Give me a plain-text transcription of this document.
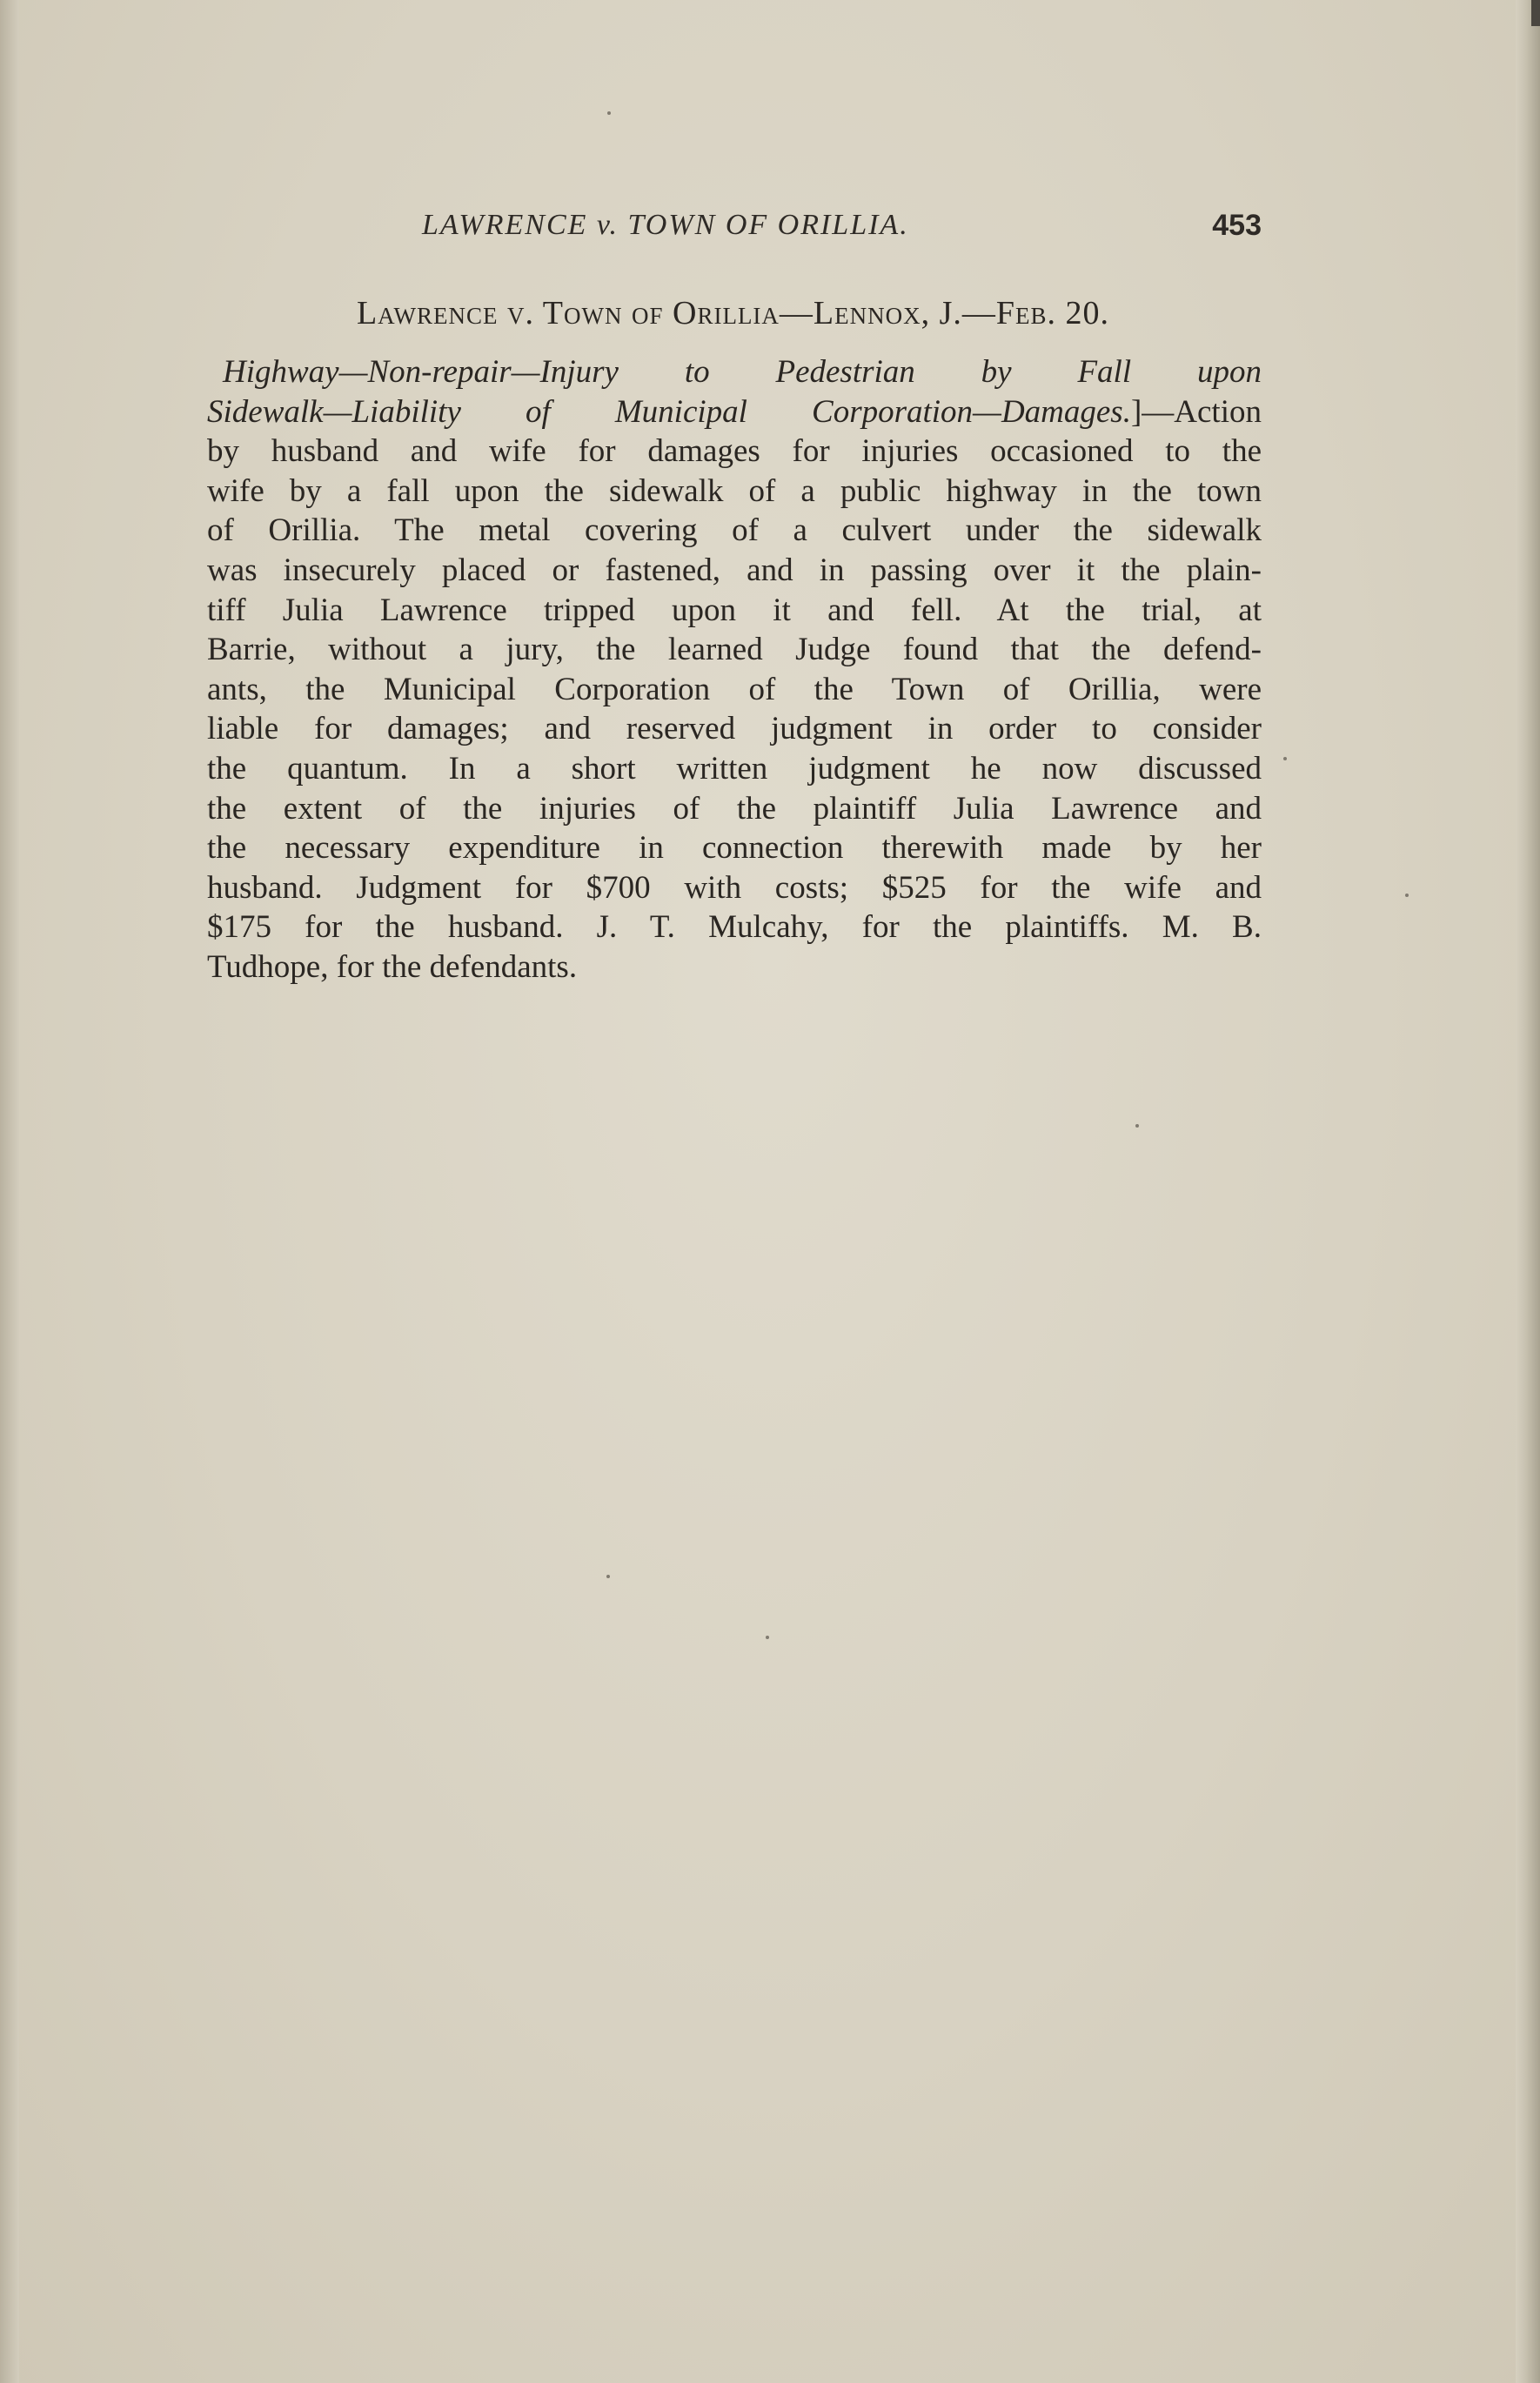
LAWRENCE v. TOWN OF ORILLIA.	453
Lawrence v. Town of Orillia—Lennox, J.—Feb. 20.
Highway—Non-repair—Injury to Pedestrian by Fall upon
Sidewalk—Liability of Municipal Corporation—Damages.]—Action
by husband and wife for damages for injuries occasioned to the
wife by a fall upon the sidewalk of a public highway in the town
of Orillia. The metal covering of a culvert under the sidewalk
was insecurely placed or fastened, and in passing over it the plain-
tiff Julia Lawrence tripped upon it and fell. At the trial, at
Barrie, without a jury, the learned Judge found that the defend-
ants, the Municipal Corporation of the Town of Orillia, were
liable for damages; and reserved judgment in order to consider
the quantum. In a short written judgment he now discussed
the extent of the injuries of the plaintiff Julia Lawrence and
the necessary expenditure in connection therewith made by her
husband. Judgment for $700 with costs; $525 for the wife and
$175 for the husband. J. T. Mulcahy, for the plaintiffs. M. B.
Tudhope, for the defendants.
